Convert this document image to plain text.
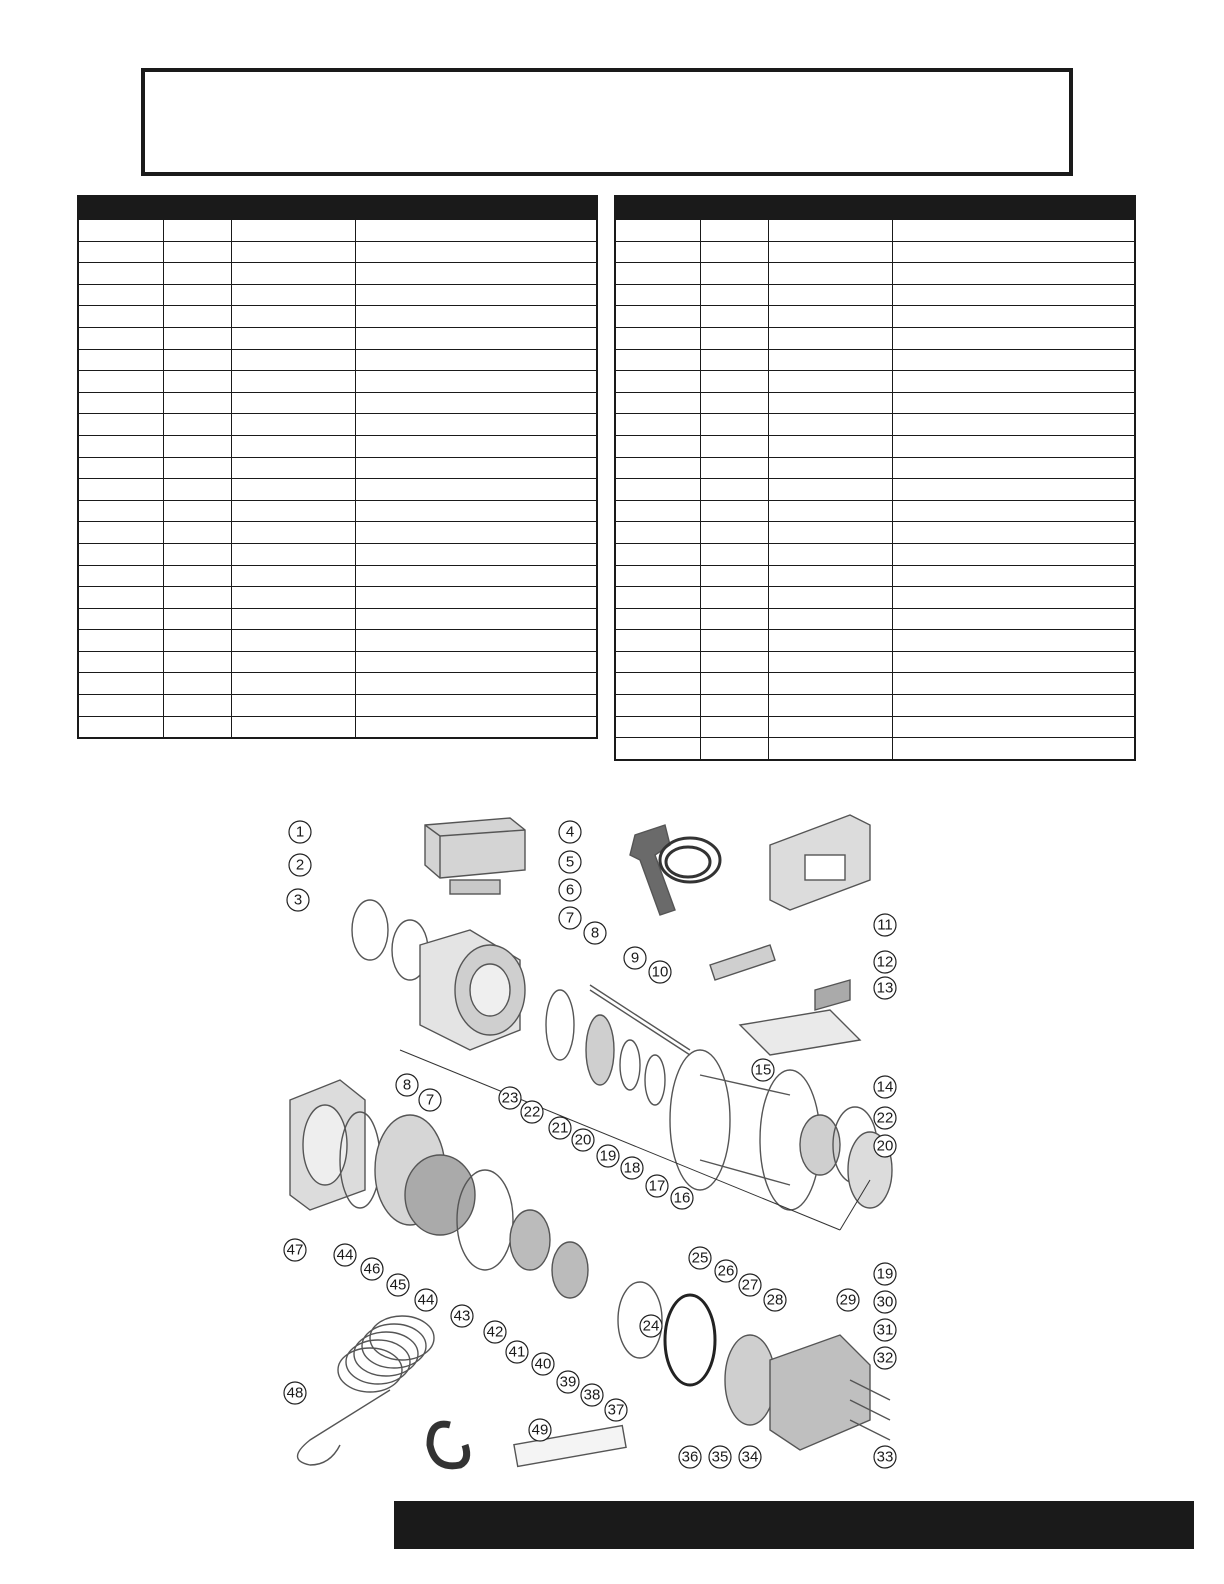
1
2
3
4
5
6
7
8
9
10
11
12
13
8
7
14
15
23
22
21
20
19
18
17
16
22
20
19
47 44
46
45
44
43
42	24
25
26
27
28	29 30
31
32
33
48
41
40
39
38
37
49
36 35 34
